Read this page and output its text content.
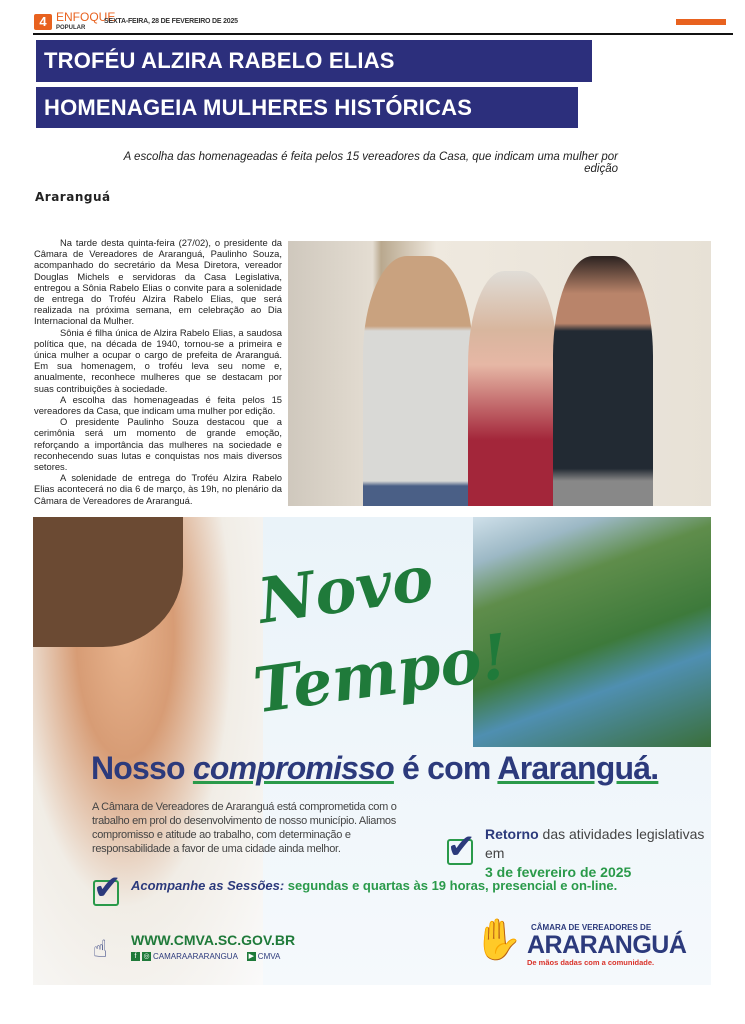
4 ENFOQUE
POPULAR
SEXTA-FEIRA, 28 DE FEVEREIRO DE 2025
TROFÉU ALZIRA RABELO ELIAS
HOMENAGEIA MULHERES HISTÓRICAS
A escolha das homenageadas é feita pelos 15 vereadores da Casa, que indicam uma mulher por edição
Araranguá

Na tarde desta quinta-feira (27/02), o presidente da Câmara de Vereadores de Araranguá, Paulinho Souza, acompanhado do secretário da Mesa Diretora, vereador Douglas Michels e servidoras da Casa Legislativa, entregou a Sônia Rabelo Elias o convite para a solenidade de entrega do Troféu Alzira Rabelo Elias, que será realizada na próxima semana, em celebração ao Dia Internacional da Mulher.

Sônia é filha única de Alzira Rabelo Elias, a saudosa política que, na década de 1940, tornou-se a primeira e única mulher a ocupar o cargo de prefeita de Araranguá. Em sua homenagem, o troféu leva seu nome e, anualmente, reconhece mulheres que se destacam por suas contribuições à sociedade.

A escolha das homenageadas é feita pelos 15 vereadores da Casa, que indicam uma mulher por edição.

O presidente Paulinho Souza destacou que a cerimônia será um momento de grande emoção, reforçando a importância das mulheres na sociedade e reconhecendo suas lutas e conquistas nos mais diversos setores.

A solenidade de entrega do Troféu Alzira Rabelo Elias acontecerá no dia 6 de março, às 19h, no plenário da Câmara de Vereadores de Araranguá.

Novo
Tempo!
Nosso compromisso é com Araranguá.
A Câmara de Vereadores de Araranguá está comprometida com o trabalho em prol do desenvolvimento de nosso município. Aliamos compromisso e atitude ao trabalho, com determinação e responsabilidade a favor de uma cidade ainda melhor.
✔
Acompanhe as Sessões: segundas e quartas às 19 horas, presencial e on-line.
✔
Retorno das atividades legislativas em
3 de fevereiro de 2025
☝ WWW.CMVA.SC.GOV.BR
f ◎ CAMARAARARANGUA ▶ CMVA	✋ CÂMARA DE VEREADORES DE
ARARANGUÁ
De mãos dadas com a comunidade.
